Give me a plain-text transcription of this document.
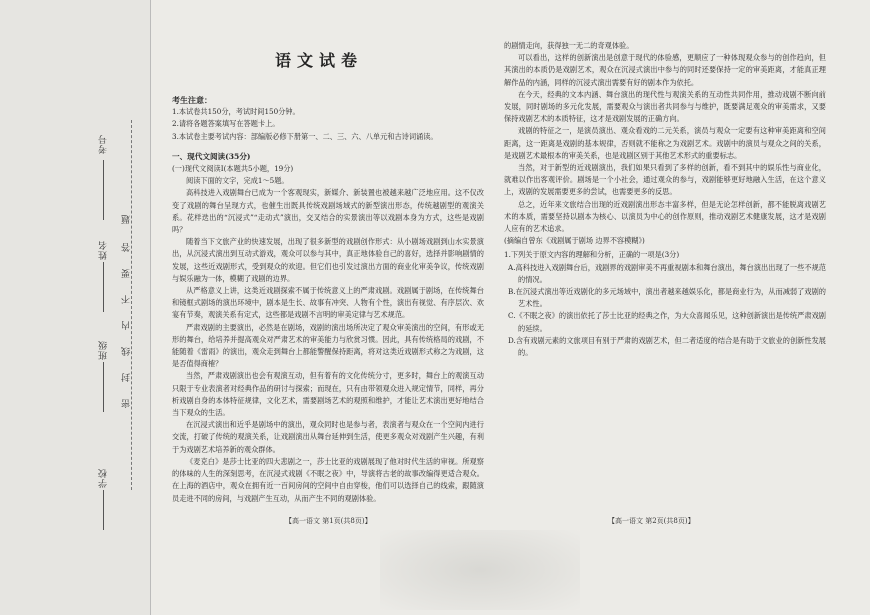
考号
题
姓名 答
要
不
内
线
班级
封
密
学校
语文试卷

考生注意：

1.本试卷共150分，考试时间150分钟。

2.请将各题答案填写在答题卡上。

3.本试卷主要考试内容：部编版必修下册第一、二、三、六、八单元和古诗词诵读。

一、现代文阅读(35分)

(一)现代文阅读Ⅰ(本题共5小题，19分)

阅读下面的文字，完成1～5题。

高科技进入戏剧舞台已成为一个客观现实，新媒介、新装置也被越来越广泛地应用。这不仅改变了戏剧的舞台呈现方式，也催生出既具传统戏剧场域式的新型演出形态，传统越剧型的观演关系。花样迭出的“沉浸式”“走动式”演出，交叉结合的实景演出等以戏剧本身为方式，这些是戏剧吗？

随着当下文旅产业的快速发展，出现了很多新型的戏剧创作形式：从小剧场戏剧到山水实景演出，从沉浸式演出到互动式游戏，观众可以参与其中，真正地体验自己的喜好，选择并影响剧情的发展，这些近戏剧形式，受到观众的欢迎。但它们也引发过演出方面的商业化审美争议，传统戏剧与娱乐融为一体，模糊了戏剧的边界。

从严格意义上讲，这类近戏剧探索不属于传统意义上的严肃戏剧。戏剧属于剧场，在传统舞台和镜框式剧场的演出环境中，剧本是生长、故事有冲突、人物有个性，演出有视觉、有序层次、欢宴有节奏，观演关系有定式，这些都是戏剧不言明的审美定律与艺术规范。

严肃戏剧的主要演出，必然是在剧场，戏剧的演出场所决定了观众审美演出的空间，有形或无形的舞台，给培养并提高观众对严肃艺术的审美能力与欣赏习惯。因此，具有传统格局的戏剧，不能随着《雷雨》的演出，观众走到舞台上都能警醒保持距离，将对这类近戏剧形式称之为戏剧，这是否值得商榷？

当然，严肃戏剧演出也会有观演互动，但有着有的文化传统分寸，更多时，舞台上的观演互动只限于专业表演者对经典作品的研讨与探索；而现在，只有由带领观众进入规定情节，同样，再分析戏剧自身的本体特征规律，文化艺术，需要剧场艺术的观照和维护，才能让艺术演出更好地结合当下观众的生活。

在沉浸式演出和近乎是剧场中的演出，观众同时也是参与者，表演者与观众在一个空间内进行交流，打破了传统的观演关系，让戏剧演出从舞台延伸到生活，使更多观众对戏剧产生兴趣，有利于为戏剧艺术培养新的观众群体。

《麦克白》是莎士比亚的四大悲剧之一，莎士比亚的戏剧展现了他对时代生活的审视。所观察的体味的人生的深刻思考，在沉浸式戏剧《不眠之夜》中，导演将古老的故事改编得更适合观众。在上海的酒店中，观众在拥有近一百间房间的空间中自由穿梭，他们可以选择自己的线索，跟随演员走进不同的房间，与戏剧产生互动，从而产生不同的观剧体验。

的剧情走向，获得独一无二的奇观体验。

可以看出，这样的创新演出是创意于现代的体验感，更顺应了一种体现观众参与的创作趋向，但其演出的本质仍是戏剧艺术，观众在沉浸式演出中参与的同时还要保持一定的审美距离，才能真正理解作品的内涵，同样的沉浸式演出需要有好的剧本作为依托。

在今天，经典的文本内涵、舞台演出的现代性与观演关系的互动性共同作用，推动戏剧不断向前发展，同时剧场的多元化发展，需要观众与演出者共同参与与维护，既要满足观众的审美需求，又要保持戏剧艺术的本质特征，这才是戏剧发展的正确方向。

戏剧的特征之一，是演员演出、观众看戏的二元关系，演员与观众一定要有这种审美距离和空间距离，这一距离是戏剧的基本规律，否则就不能称之为戏剧艺术。戏剧中的演员与观众之间的关系，是戏剧艺术最根本的审美关系，也是戏剧区别于其他艺术形式的重要标志。

当然，对于新型的近戏剧演出，我们如果只看到了多样的创新，看不到其中的娱乐性与商业化，就难以作出客观评价。剧场是一个小社会，通过观众的参与，戏剧能够更好地融入生活，在这个意义上，戏剧的发展需要更多的尝试，也需要更多的反思。

总之，近年来文旅结合出现的近戏剧演出形态丰富多样，但是无论怎样创新，都不能脱离戏剧艺术的本质，需要坚持以剧本为核心、以演员为中心的创作原则，推动戏剧艺术健康发展，这才是戏剧人应有的艺术追求。

(摘编自曾东《戏剧属于剧场 边界不容模糊》)

1.下列关于原文内容的理解和分析，正确的一项是(3分)

A.高科技进入戏剧舞台后，戏剧界的戏剧审美不再重视剧本和舞台演出，舞台演出出现了一些不规范的情况。

B.在沉浸式演出等近戏剧化的多元场域中，演出者越来越娱乐化，都是商业行为，从而减弱了戏剧的艺术性。

C.《不眠之夜》的演出依托了莎士比亚的经典之作，为大众喜闻乐见，这种创新演出是传统严肃戏剧的延续。

D.含有戏剧元素的文旅项目有别于严肃的戏剧艺术，但二者适度的结合是有助于文旅业的创新性发展的。

【高一语文 第1页(共8页)】	【高一语文 第2页(共8页)】
